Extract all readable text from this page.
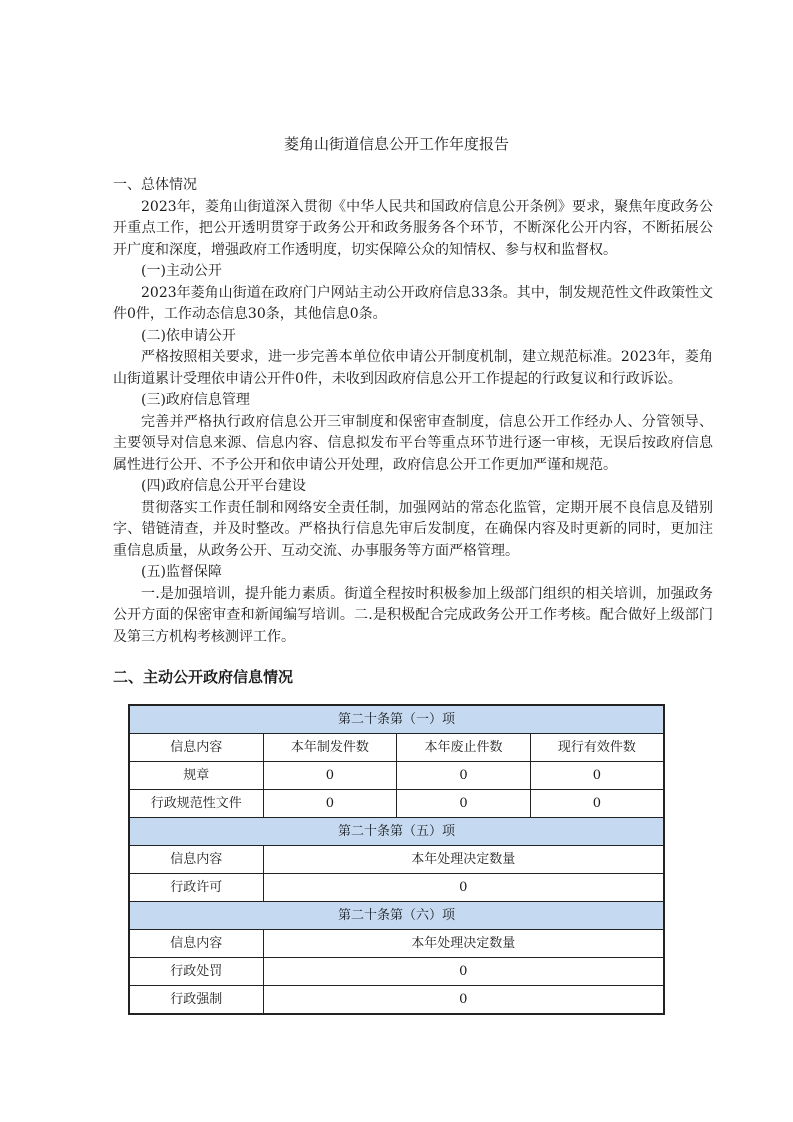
菱角山街道信息公开工作年度报告

一、总体情况

2023年，菱角山街道深入贯彻《中华人民共和国政府信息公开条例》要求，聚焦年度政务公开重点工作，把公开透明贯穿于政务公开和政务服务各个环节，不断深化公开内容，不断拓展公开广度和深度，增强政府工作透明度，切实保障公众的知情权、参与权和监督权。

(一)主动公开

2023年菱角山街道在政府门户网站主动公开政府信息33条。其中，制发规范性文件政策性文件0件，工作动态信息30条，其他信息0条。

(二)依申请公开

严格按照相关要求，进一步完善本单位依申请公开制度机制，建立规范标准。2023年，菱角山街道累计受理依申请公开件0件，未收到因政府信息公开工作提起的行政复议和行政诉讼。

(三)政府信息管理

完善并严格执行政府信息公开三审制度和保密审查制度，信息公开工作经办人、分管领导、主要领导对信息来源、信息内容、信息拟发布平台等重点环节进行逐一审核，无误后按政府信息属性进行公开、不予公开和依申请公开处理，政府信息公开工作更加严谨和规范。

(四)政府信息公开平台建设

贯彻落实工作责任制和网络安全责任制，加强网站的常态化监管，定期开展不良信息及错别字、错链清查，并及时整改。严格执行信息先审后发制度，在确保内容及时更新的同时，更加注重信息质量，从政务公开、互动交流、办事服务等方面严格管理。

(五)监督保障

一.是加强培训，提升能力素质。街道全程按时积极参加上级部门组织的相关培训，加强政务公开方面的保密审查和新闻编写培训。二.是积极配合完成政务公开工作考核。配合做好上级部门及第三方机构考核测评工作。

二、主动公开政府信息情况
第二十条第（一）项			
信息内容	本年制发件数	本年废止件数	现行有效件数
规章	0	0	0
行政规范性文件	0	0	0
第二十条第（五）项			
信息内容	本年处理决定数量		
行政许可	0		
第二十条第（六）项			
信息内容	本年处理决定数量		
行政处罚	0		
行政强制	0		
